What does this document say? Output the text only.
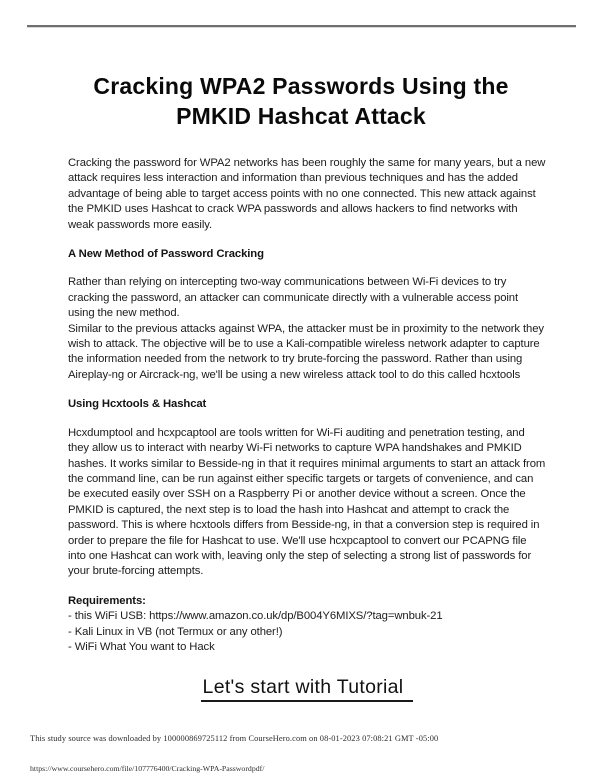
Cracking WPA2 Passwords Using the
PMKID Hashcat Attack

Cracking the password for WPA2 networks has been roughly the same for many years, but a new attack requires less interaction and information than previous techniques and has the added advantage of being able to target access points with no one connected. This new attack against the PMKID uses Hashcat to crack WPA passwords and allows hackers to find networks with weak passwords more easily.

A New Method of Password Cracking

Rather than relying on intercepting two-way communications between Wi-Fi devices to try cracking the password, an attacker can communicate directly with a vulnerable access point using the new method.

Similar to the previous attacks against WPA, the attacker must be in proximity to the network they wish to attack. The objective will be to use a Kali-compatible wireless network adapter to capture the information needed from the network to try brute-forcing the password. Rather than using Aireplay-ng or Aircrack-ng, we'll be using a new wireless attack tool to do this called hcxtools

Using Hcxtools & Hashcat

Hcxdumptool and hcxpcaptool are tools written for Wi-Fi auditing and penetration testing, and they allow us to interact with nearby Wi-Fi networks to capture WPA handshakes and PMKID hashes. It works similar to Besside-ng in that it requires minimal arguments to start an attack from the command line, can be run against either specific targets or targets of convenience, and can be executed easily over SSH on a Raspberry Pi or another device without a screen. Once the PMKID is captured, the next step is to load the hash into Hashcat and attempt to crack the password. This is where hcxtools differs from Besside-ng, in that a conversion step is required in order to prepare the file for Hashcat to use. We'll use hcxpcaptool to convert our PCAPNG file into one Hashcat can work with, leaving only the step of selecting a strong list of passwords for your brute-forcing attempts.

Requirements:
- this WiFi USB: https://www.amazon.co.uk/dp/B004Y6MIXS/?tag=wnbuk-21
- Kali Linux in VB (not Termux or any other!)
- WiFi What You want to Hack
Let's start with Tutorial
This study source was downloaded by 100000869725112 from CourseHero.com on 08-01-2023 07:08:21 GMT -05:00
https://www.coursehero.com/file/107776400/Cracking-WPA-Passwordpdf/
